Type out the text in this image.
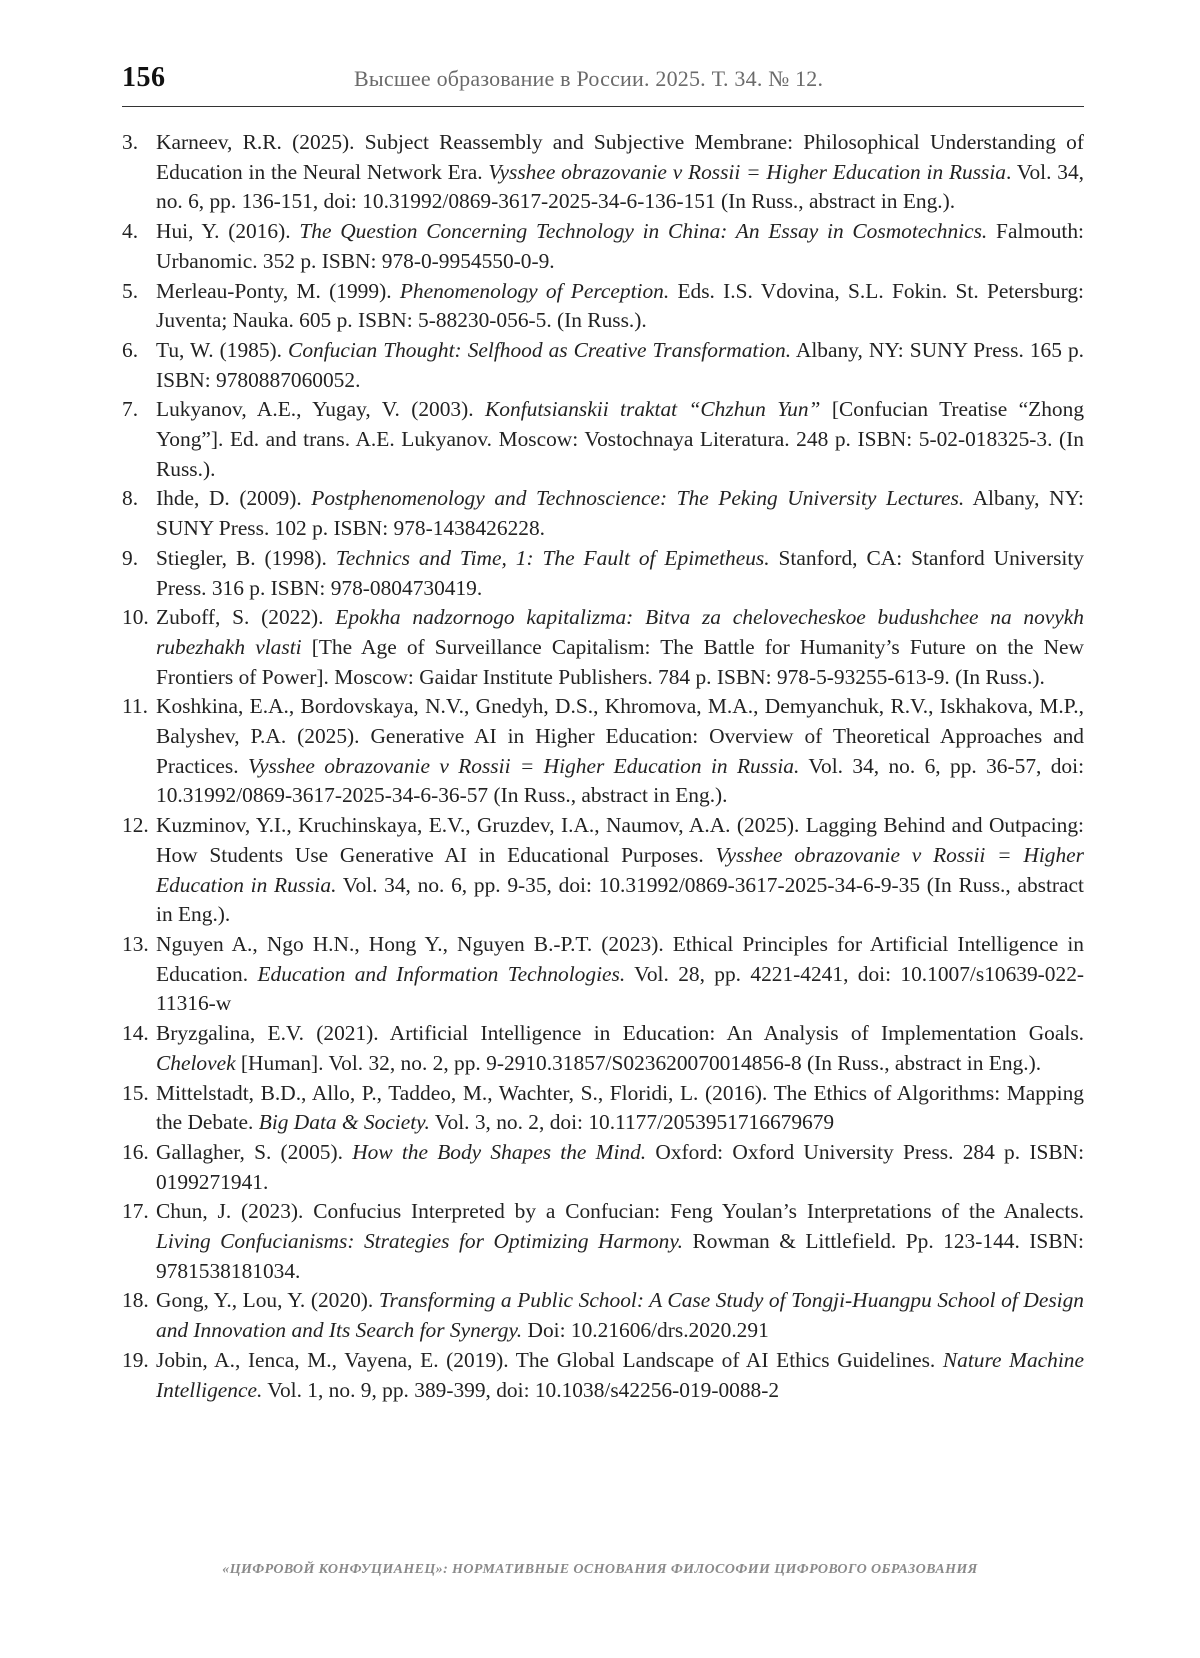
156	Высшее образование в России. 2025. Т. 34. № 12.
3. Karneev, R.R. (2025). Subject Reassembly and Subjective Membrane: Philosophical Understanding of Education in the Neural Network Era. Vysshee obrazovanie v Rossii = Higher Education in Russia. Vol. 34, no. 6, pp. 136-151, doi: 10.31992/0869-3617-2025-34-6-136-151 (In Russ., abstract in Eng.).
4. Hui, Y. (2016). The Question Concerning Technology in China: An Essay in Cosmotechnics. Falmouth: Urbanomic. 352 p. ISBN: 978-0-9954550-0-9.
5. Merleau-Ponty, M. (1999). Phenomenology of Perception. Eds. I.S. Vdovina, S.L. Fokin. St. Petersburg: Juventa; Nauka. 605 p. ISBN: 5-88230-056-5. (In Russ.).
6. Tu, W. (1985). Confucian Thought: Selfhood as Creative Transformation. Albany, NY: SUNY Press. 165 p. ISBN: 9780887060052.
7. Lukyanov, A.E., Yugay, V. (2003). Konfutsianskii traktat “Chzhun Yun” [Confucian Treatise “Zhong Yong”]. Ed. and trans. A.E. Lukyanov. Moscow: Vostochnaya Literatura. 248 p. ISBN: 5-02-018325-3. (In Russ.).
8. Ihde, D. (2009). Postphenomenology and Technoscience: The Peking University Lectures. Albany, NY: SUNY Press. 102 p. ISBN: 978-1438426228.
9. Stiegler, B. (1998). Technics and Time, 1: The Fault of Epimetheus. Stanford, CA: Stanford University Press. 316 p. ISBN: 978-0804730419.
10. Zuboff, S. (2022). Epokha nadzornogo kapitalizma: Bitva za chelovecheskoe budushchee na novykh rubezhakh vlasti [The Age of Surveillance Capitalism: The Battle for Humanity’s Future on the New Frontiers of Power]. Moscow: Gaidar Institute Publishers. 784 p. ISBN: 978-5-93255-613-9. (In Russ.).
11. Koshkina, E.A., Bordovskaya, N.V., Gnedyh, D.S., Khromova, M.A., Demyanchuk, R.V., Iskhakova, M.P., Balyshev, P.A. (2025). Generative AI in Higher Education: Overview of Theoretical Approaches and Practices. Vysshee obrazovanie v Rossii = Higher Education in Russia. Vol. 34, no. 6, pp. 36-57, doi: 10.31992/0869-3617-2025-34-6-36-57 (In Russ., abstract in Eng.).
12. Kuzminov, Y.I., Kruchinskaya, E.V., Gruzdev, I.A., Naumov, A.A. (2025). Lagging Behind and Outpacing: How Students Use Generative AI in Educational Purposes. Vysshee obrazovanie v Rossii = Higher Education in Russia. Vol. 34, no. 6, pp. 9-35, doi: 10.31992/0869-3617-2025-34-6-9-35 (In Russ., abstract in Eng.).
13. Nguyen A., Ngo H.N., Hong Y., Nguyen B.-P.T. (2023). Ethical Principles for Artificial Intelligence in Education. Education and Information Technologies. Vol. 28, pp. 4221-4241, doi: 10.1007/s10639-022-11316-w
14. Bryzgalina, E.V. (2021). Artificial Intelligence in Education: An Analysis of Implementation Goals. Chelovek [Human]. Vol. 32, no. 2, pp. 9-2910.31857/S023620070014856-8 (In Russ., abstract in Eng.).
15. Mittelstadt, B.D., Allo, P., Taddeo, M., Wachter, S., Floridi, L. (2016). The Ethics of Algorithms: Mapping the Debate. Big Data & Society. Vol. 3, no. 2, doi: 10.1177/2053951716679679
16. Gallagher, S. (2005). How the Body Shapes the Mind. Oxford: Oxford University Press. 284 p. ISBN: 0199271941.
17. Chun, J. (2023). Confucius Interpreted by a Confucian: Feng Youlan’s Interpretations of the Analects. Living Confucianisms: Strategies for Optimizing Harmony. Rowman & Littlefield. Pp. 123-144. ISBN: 9781538181034.
18. Gong, Y., Lou, Y. (2020). Transforming a Public School: A Case Study of Tongji-Huangpu School of Design and Innovation and Its Search for Synergy. Doi: 10.21606/drs.2020.291
19. Jobin, A., Ienca, M., Vayena, E. (2019). The Global Landscape of AI Ethics Guidelines. Nature Machine Intelligence. Vol. 1, no. 9, pp. 389-399, doi: 10.1038/s42256-019-0088-2
«ЦИФРОВОЙ КОНФУЦИАНЕЦ»: НОРМАТИВНЫЕ ОСНОВАНИЯ ФИЛОСОФИИ ЦИФРОВОГО ОБРАЗОВАНИЯ
